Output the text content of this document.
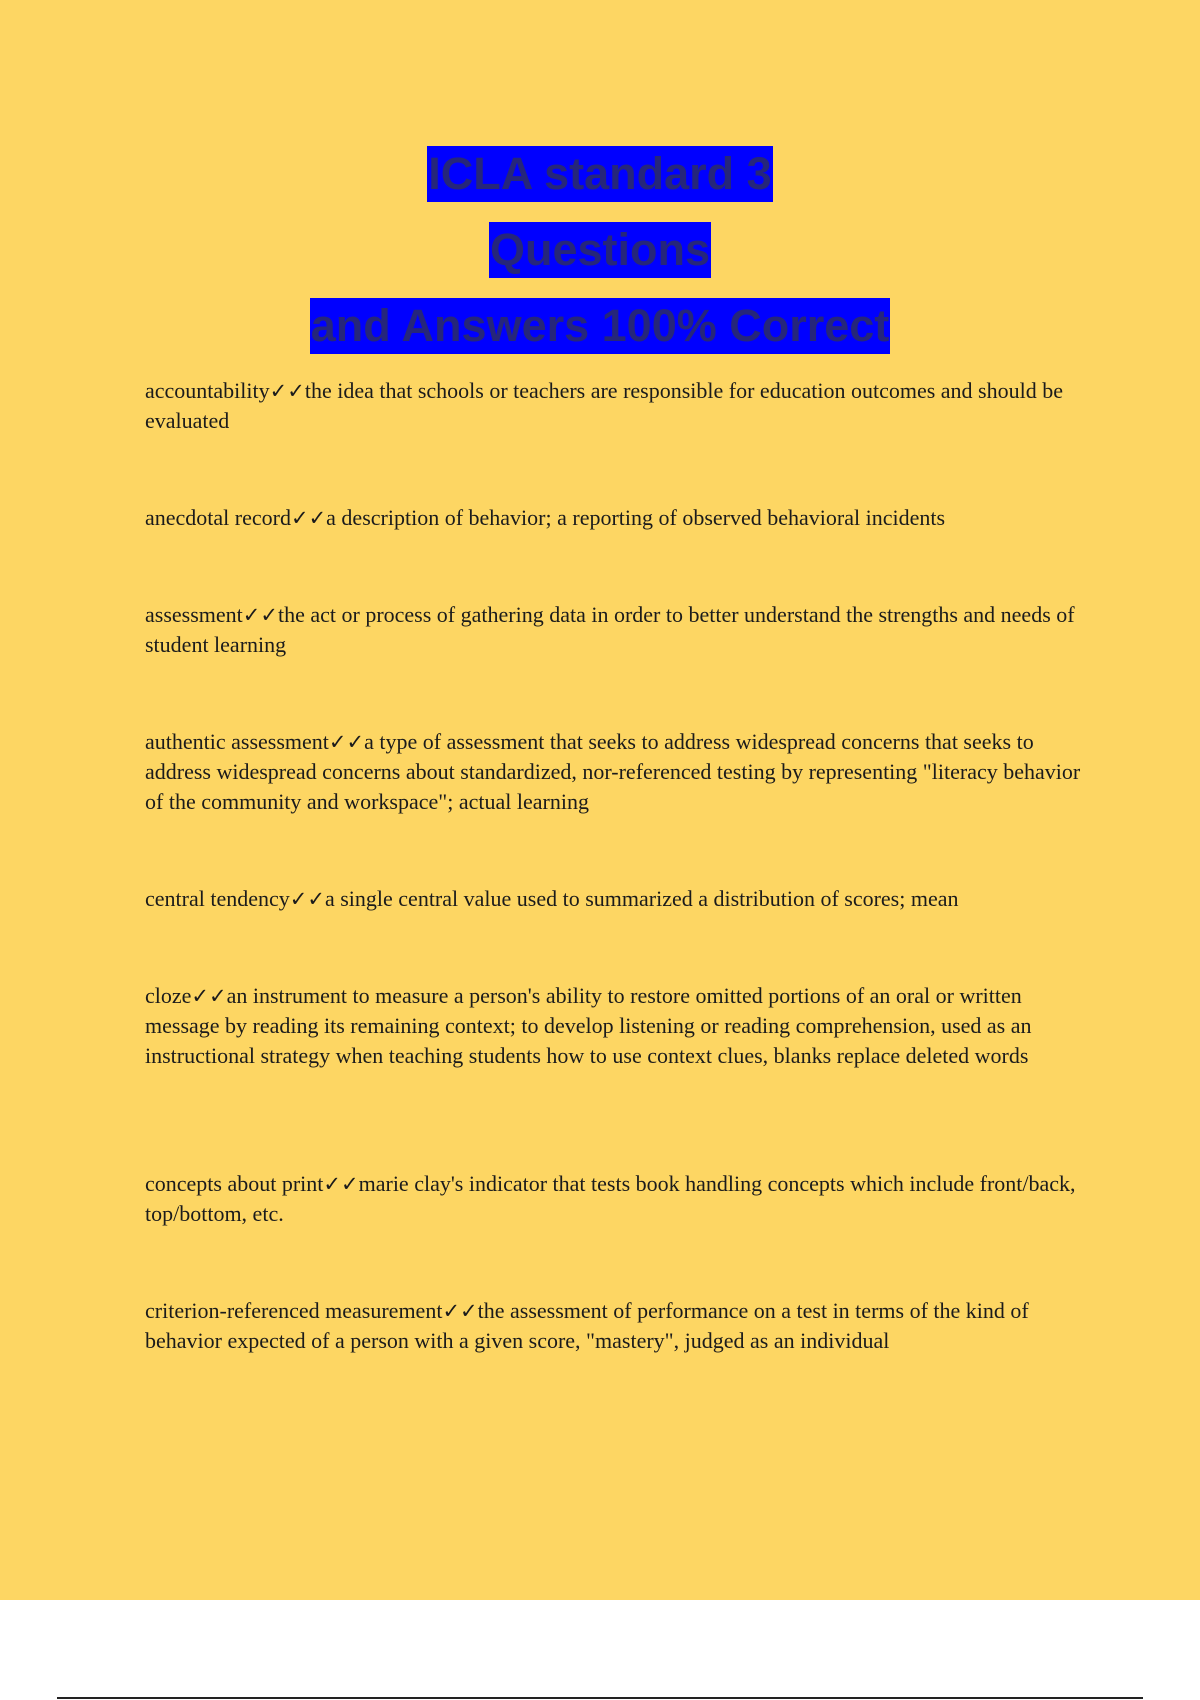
ICLA standard 3
Questions
and Answers 100% Correct

accountability✓✓the idea that schools or teachers are responsible for education outcomes and should be evaluated

anecdotal record✓✓a description of behavior; a reporting of observed behavioral incidents

assessment✓✓the act or process of gathering data in order to better understand the strengths and needs of student learning

authentic assessment✓✓a type of assessment that seeks to address widespread concerns that seeks to address widespread concerns about standardized, nor-referenced testing by representing "literacy behavior of the community and workspace"; actual learning

central tendency✓✓a single central value used to summarized a distribution of scores; mean

cloze✓✓an instrument to measure a person's ability to restore omitted portions of an oral or written message by reading its remaining context; to develop listening or reading comprehension, used as an instructional strategy when teaching students how to use context clues, blanks replace deleted words

concepts about print✓✓marie clay's indicator that tests book handling concepts which include front/back, top/bottom, etc.

criterion-referenced measurement✓✓the assessment of performance on a test in terms of the kind of behavior expected of a person with a given score, "mastery", judged as an individual
